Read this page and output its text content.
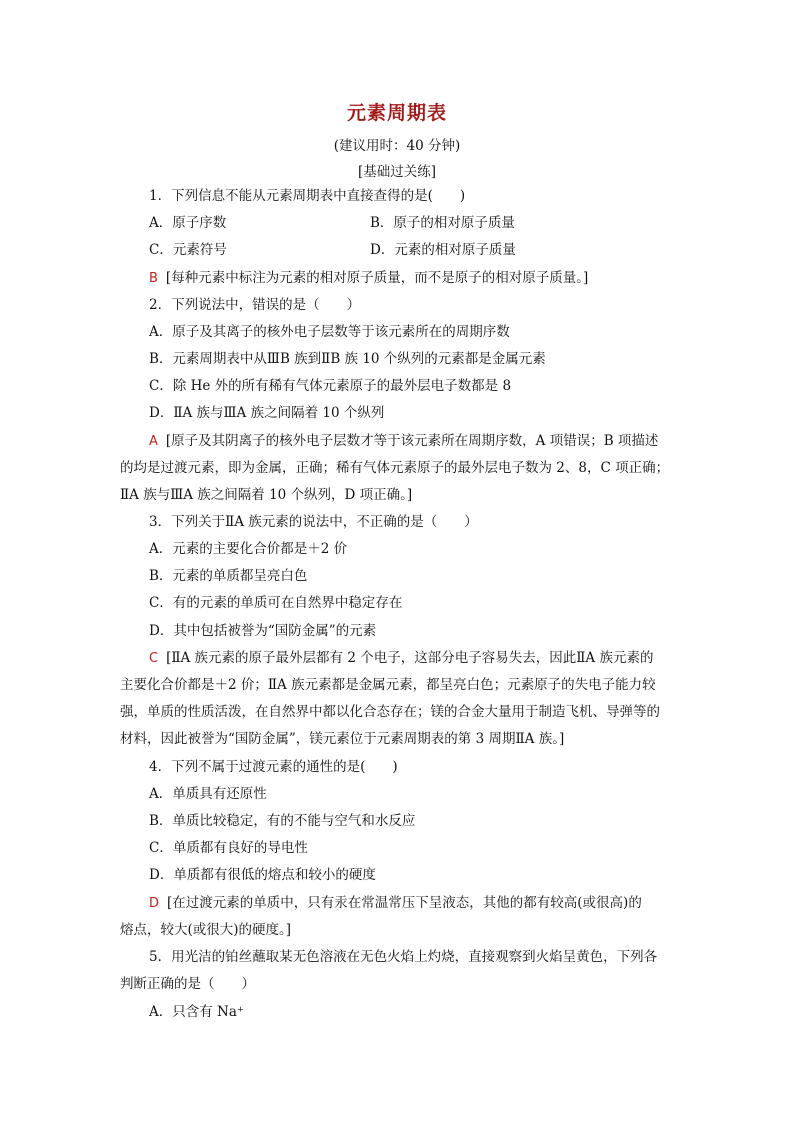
元素周期表
(建议用时：40 分钟)
[基础过关练]
1．下列信息不能从元素周期表中直接查得的是(　　)
A．原子序数	B．原子的相对原子质量
C．元素符号	D．元素的相对原子质量
B [每种元素中标注为元素的相对原子质量，而不是原子的相对原子质量。]
2．下列说法中，错误的是（　　）
A．原子及其离子的核外电子层数等于该元素所在的周期序数
B．元素周期表中从ⅢB 族到ⅡB 族 10 个纵列的元素都是金属元素
C．除 He 外的所有稀有气体元素原子的最外层电子数都是 8
D．ⅡA 族与ⅢA 族之间隔着 10 个纵列
A [原子及其阴离子的核外电子层数才等于该元素所在周期序数，A 项错误；B 项描述
的均是过渡元素，即为金属，正确；稀有气体元素原子的最外层电子数为 2、8，C 项正确；
ⅡA 族与ⅢA 族之间隔着 10 个纵列，D 项正确。]
3．下列关于ⅡA 族元素的说法中，不正确的是（　　）
A．元素的主要化合价都是＋2 价
B．元素的单质都呈亮白色
C．有的元素的单质可在自然界中稳定存在
D．其中包括被誉为“国防金属”的元素
C [ⅡA 族元素的原子最外层都有 2 个电子，这部分电子容易失去，因此ⅡA 族元素的
主要化合价都是＋2 价；ⅡA 族元素都是金属元素，都呈亮白色；元素原子的失电子能力较
强，单质的性质活泼，在自然界中都以化合态存在；镁的合金大量用于制造飞机、导弹等的
材料，因此被誉为“国防金属”，镁元素位于元素周期表的第 3 周期ⅡA 族。]
4．下列不属于过渡元素的通性的是(　　)
A．单质具有还原性
B．单质比较稳定，有的不能与空气和水反应
C．单质都有良好的导电性
D．单质都有很低的熔点和较小的硬度
D [在过渡元素的单质中，只有汞在常温常压下呈液态，其他的都有较高(或很高)的
熔点，较大(或很大)的硬度。]
5．用光洁的铂丝蘸取某无色溶液在无色火焰上灼烧，直接观察到火焰呈黄色，下列各
判断正确的是（　　）
A．只含有 Na⁺
